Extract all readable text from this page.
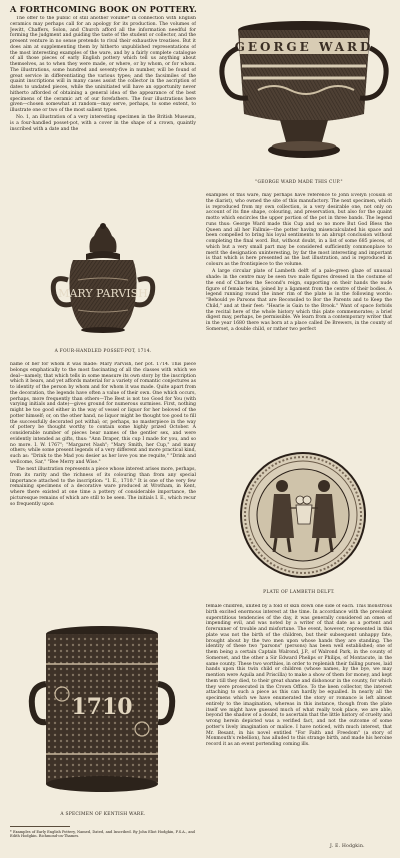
A FORTHCOMING BOOK ON POTTERY.

The offer to the public of still another volume* in connection with English ceramics may perhaps call for an apology for its production. The volumes of Jewitt, Chaffers, Solon, and Church afford all the information needful for forming the judgment and guiding the taste of the student or collector, and the present venture in no sense pretends to rival their exhaustive treatises. But it does aim at supplementing them by hitherto unpublished representations of the most interesting examples of the ware, and by a fairly complete catalogue of all those pieces of early English pottery which tell us anything about themselves, as to when they were made, or where, or by whom, or for whom. The illustrations, some hundred and seventy-five in number, will be found of great service in differentiating the various types; and the facsimiles of the quaint inscriptions will in many cases assist the collector in the ascription of dates to undated pieces, while the uninitiated will have an opportunity never hitherto afforded of obtaining a general idea of the appearance of the best specimens of the ceramic art of our forefathers. The four illustrations here given—chosen somewhat at random—may serve, perhaps, to some extent, to illustrate one or two of the most salient types.

No. 1, an illustration of a very interesting specimen in the British Museum, is a four-handled posset-pot, with a cover in the shape of a crown, quaintly inscribed with a date and the

MARY PARVISH
A FOUR-HANDLED POSSET-POT, 1714.

name of her for whom it was made: Mary Parvish, her pot. 1714. This piece belongs emphatically to the most fascinating of all the classes with which we deal—namely, that which tells in some measure its own story by the inscription which it bears, and yet affords material for a variety of romantic conjectures as to identity of the person by whom and for whom it was made. Quite apart from the decoration, the legends have often a value of their own. One which occurs, perhaps, more frequently than others—The Best is not too Good for You (with varying initials and date)—gives ground for numerous surmises. First, nothing might be too good either in the way of vessel or liquor for her beloved of the potter himself; or, on the other hand, no liquor might be thought too good to fill the successfully decorated pot withal; or, perhaps, no masterpiece in the way of pottery be thought worthy to contain some highly prized October. A considerable number of pieces bear names of the gentler sex, and were evidently intended as gifts, thus: "Ann Draper, this cup I made for you, and so no more. I. W. 1767"; "Margaret Nash"; "Mary Smith, her Cup," and many others; while some present legends of a very different and more practical kind, such as: "Drink to the Mad you desier as her love you me requite," "Drink and wellcome, Sar," "Bee Merry and Wise."

The next illustration represents a piece whose interest arises more, perhaps, from its rarity and the richness of its colouring than from any special importance attached to the inscription: "I. E., 1710." It is one of the very few remaining specimens of a decorative ware produced at Wrotham, in Kent, where there existed at one time a pottery of considerable importance, the picturesque remains of which are still to be seen. The initials I. E., which recur so frequently upon

1710
A SPECIMEN OF KENTISH WARE.
* Examples of Early English Pottery, Named, Dated, and Inscribed. By John Eliot Hodgkin, F.S.A., and Edith Hodgkin. Richmond-on-Thames.
GEORGE WARD
"GEORGE WARD MADE THIS CUP."

examples of this ware, may perhaps have reference to John Evelyn (cousin of the diarist), who owned the site of this manufactory. The next specimen, which is reproduced from my own collection, is a very desirable one, not only on account of its fine shape, colouring, and preservation, but also for the quaint motto which encircles the upper portion of the pot in three bands. The legend runs thus: George Ward made this Cup and so no more But God Bless the Queen and all her Fallmie—the potter having misencalculated his space and been compelled to bring his loyal sentiments to an abrupt conclusion without completing the final word. But, without doubt, in a list of some 685 pieces, of which but a very small part may be considered sufficiently commonplace to merit the designation uninteresting, by far the most interesting and important is that which is here presented as the last illustration, and is reproduced in colours as the frontispiece to the volume.

A large circular plate of Lambeth delft of a pale-green glaze of unusual shade: in the centre may be seen two male figures dressed in the costume of the end of Charles the Second's reign, supporting on their hands the nude figure of female twins, joined by a ligament from the centre of their bodies. A legend running round the inner rim of the plate is in the following words: "Behould ye Parsons that are Reconsiled to Bor the Parents and to Keep the Child," and at their feet: "Hearie is Gain to the Brook." Want of space forbids the recital here of the whole history which this plate commemorates; a brief digest may, perhaps, be permissible. We learn from a contemporary writer that in the year 1680 there was born at a place called De Brewers, in the county of Somerset, a double child, or rather two perfect

PLATE OF LAMBETH DELFT.

female children, united by a fold of skin down one side of each. This monstrous birth excited enormous interest at the time. In accordance with the prevalent superstitious tendencies of the day, it was generally considered an omen of impending evil, and was noted by a writer of that date as a portent and forerunner of trouble and misfortune. The event, however, represented in this plate was not the birth of the children, but their subsequent unhappy fate, brought about by the two men upon whose hands they are standing. The identity of these two "parsons" (persons) has been well established; one of them being a certain Captain Walrond, J.P., of Walrond Park, in the county of Somerset, and the other a Sir Edward Phelips or Philips, of Montacute, in the same county. These two worthies, in order to replenish their failing purses, laid hands upon this twin child or children (whose names, by the bye, we may mention were Aquila and Priscilla) to make a show of them for money, and kept them till they died, to their great shame and dishonour in the county, for which they were prosecuted in the Crown Office. To the keen collector, the interest attaching to such a piece as this can hardly be equalled. In nearly all the specimens which we have enumerated the story or romance is left almost entirely to the imagination, whereas in this instance, though from the plate itself we might have guessed much of what really took place, we are able, beyond the shadow of a doubt, to ascertain that the little history of cruelty and wrong herein depicted was a verified fact, and not the outcome of some potter's lively imagination or malice. I have noticed, with much interest, that Mr. Besant, in his novel entitled "For Faith and Freedom" (a story of Monmouth's rebellion), has alluded to this strange birth, and made his heroine record it as an event portending coming ills.

J. E. Hodgkin.
